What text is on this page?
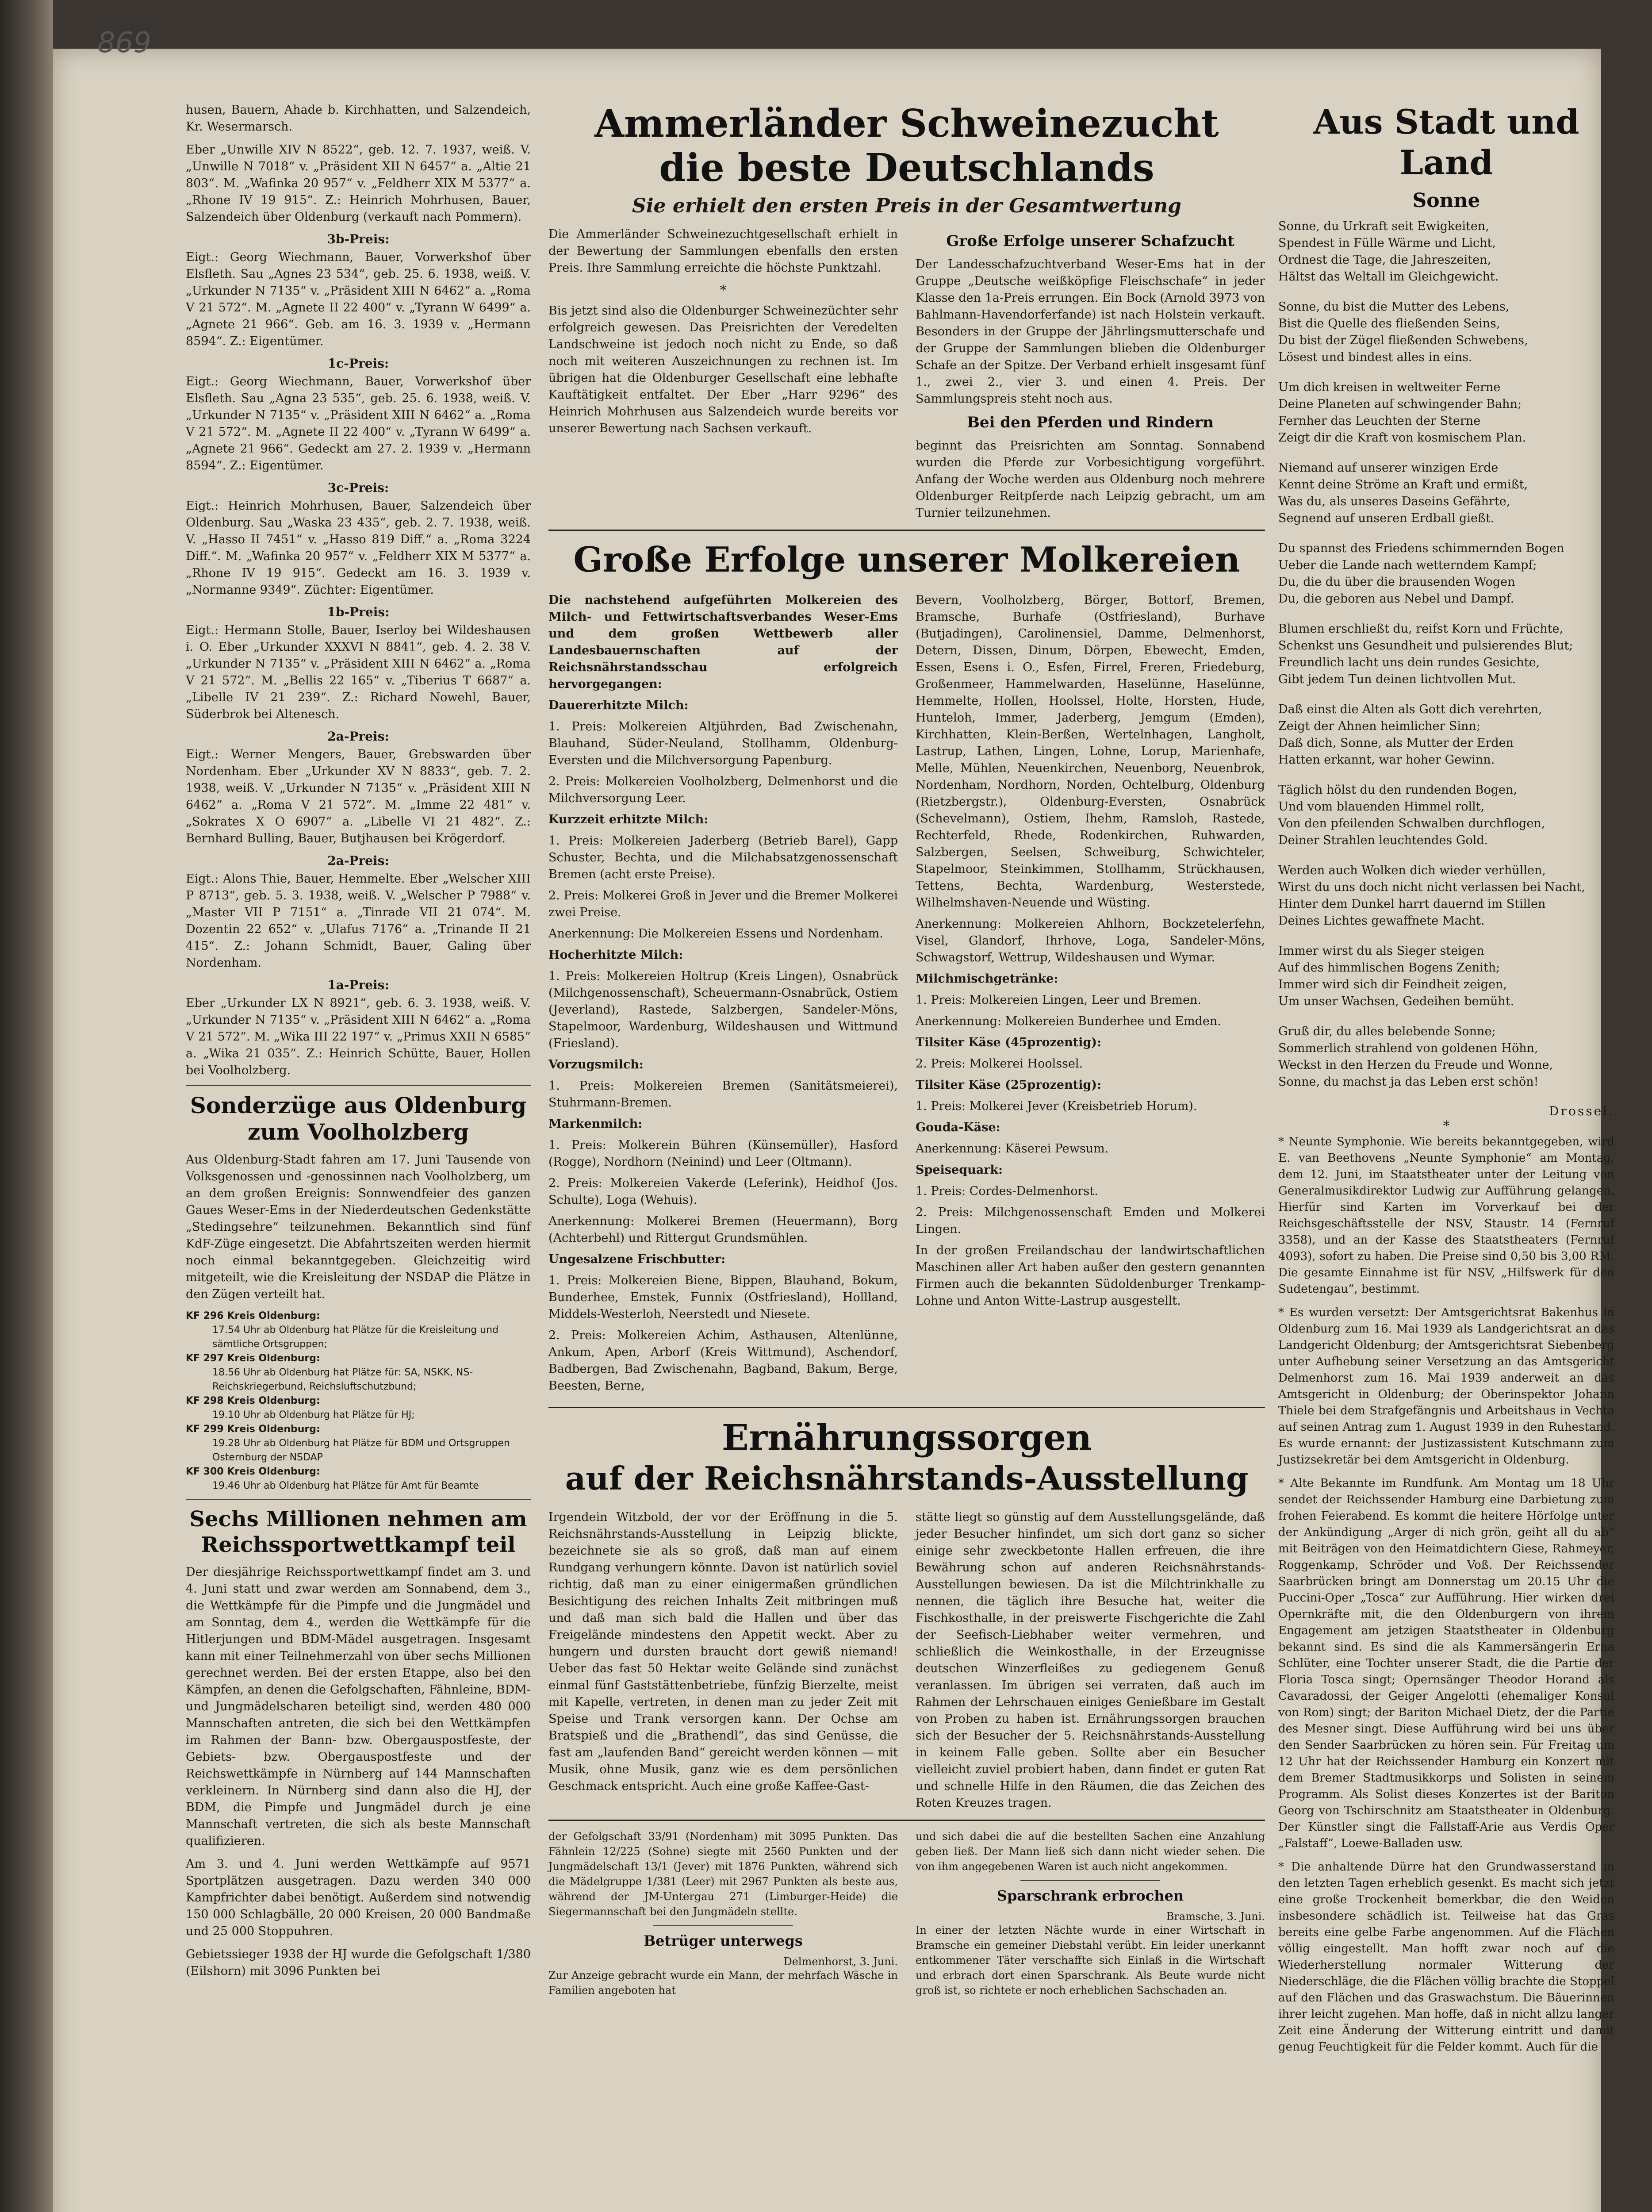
869

husen, Bauern, Ahade b. Kirchhatten, und Salzendeich, Kr. Wesermarsch.

Eber „Unwille XIV N 8522“, geb. 12. 7. 1937, weiß. V. „Unwille N 7018“ v. „Präsident XII N 6457“ a. „Altie 21 803“. M. „Wafinka 20 957“ v. „Feldherr XIX M 5377“ a. „Rhone IV 19 915“. Z.: Heinrich Mohrhusen, Bauer, Salzendeich über Oldenburg (verkauft nach Pommern).

3b-Preis:

Eigt.: Georg Wiechmann, Bauer, Vorwerkshof über Elsfleth. Sau „Agnes 23 534“, geb. 25. 6. 1938, weiß. V. „Urkunder N 7135“ v. „Präsident XIII N 6462“ a. „Roma V 21 572“. M. „Agnete II 22 400“ v. „Tyrann W 6499“ a. „Agnete 21 966“. Geb. am 16. 3. 1939 v. „Hermann 8594“. Z.: Eigentümer.

1c-Preis:

Eigt.: Georg Wiechmann, Bauer, Vorwerkshof über Elsfleth. Sau „Agna 23 535“, geb. 25. 6. 1938, weiß. V. „Urkunder N 7135“ v. „Präsident XIII N 6462“ a. „Roma V 21 572“. M. „Agnete II 22 400“ v. „Tyrann W 6499“ a. „Agnete 21 966“. Gedeckt am 27. 2. 1939 v. „Hermann 8594“. Z.: Eigentümer.

3c-Preis:

Eigt.: Heinrich Mohrhusen, Bauer, Salzendeich über Oldenburg. Sau „Waska 23 435“, geb. 2. 7. 1938, weiß. V. „Hasso II 7451“ v. „Hasso 819 Diff.“ a. „Roma 3224 Diff.“. M. „Wafinka 20 957“ v. „Feldherr XIX M 5377“ a. „Rhone IV 19 915“. Gedeckt am 16. 3. 1939 v. „Normanne 9349“. Züchter: Eigentümer.

1b-Preis:

Eigt.: Hermann Stolle, Bauer, Iserloy bei Wildeshausen i. O. Eber „Urkunder XXXVI N 8841“, geb. 4. 2. 38 V. „Urkunder N 7135“ v. „Präsident XIII N 6462“ a. „Roma V 21 572“. M. „Bellis 22 165“ v. „Tiberius T 6687“ a. „Libelle IV 21 239“. Z.: Richard Nowehl, Bauer, Süderbrok bei Altenesch.

2a-Preis:

Eigt.: Werner Mengers, Bauer, Grebswarden über Nordenham. Eber „Urkunder XV N 8833“, geb. 7. 2. 1938, weiß. V. „Urkunder N 7135“ v. „Präsident XIII N 6462“ a. „Roma V 21 572“. M. „Imme 22 481“ v. „Sokrates X O 6907“ a. „Libelle VI 21 482“. Z.: Bernhard Bulling, Bauer, Butjhausen bei Krögerdorf.

2a-Preis:

Eigt.: Alons Thie, Bauer, Hemmelte. Eber „Welscher XIII P 8713“, geb. 5. 3. 1938, weiß. V. „Welscher P 7988“ v. „Master VII P 7151“ a. „Tinrade VII 21 074“. M. Dozentin 22 652“ v. „Ulafus 7176“ a. „Trinande II 21 415“. Z.: Johann Schmidt, Bauer, Galing über Nordenham.

1a-Preis:

Eber „Urkunder LX N 8921“, geb. 6. 3. 1938, weiß. V. „Urkunder N 7135“ v. „Präsident XIII N 6462“ a. „Roma V 21 572“. M. „Wika III 22 197“ v. „Primus XXII N 6585“ a. „Wika 21 035“. Z.: Heinrich Schütte, Bauer, Hollen bei Voolholzberg.

Sonderzüge aus Oldenburg zum Voolholzberg

Aus Oldenburg-Stadt fahren am 17. Juni Tausende von Volksgenossen und -genossinnen nach Voolholzberg, um an dem großen Ereignis: Sonnwendfeier des ganzen Gaues Weser-Ems in der Niederdeutschen Gedenkstätte „Stedingsehre“ teilzunehmen. Bekanntlich sind fünf KdF-Züge eingesetzt. Die Abfahrtszeiten werden hiermit noch einmal bekanntgegeben. Gleichzeitig wird mitgeteilt, wie die Kreisleitung der NSDAP die Plätze in den Zügen verteilt hat.

KF 296 Kreis Oldenburg:
17.54 Uhr ab Oldenburg hat Plätze für die Kreisleitung und sämtliche Ortsgruppen;
KF 297 Kreis Oldenburg:
18.56 Uhr ab Oldenburg hat Plätze für: SA, NSKK, NS-Reichskriegerbund, Reichsluftschutzbund;
KF 298 Kreis Oldenburg:
19.10 Uhr ab Oldenburg hat Plätze für HJ;
KF 299 Kreis Oldenburg:
19.28 Uhr ab Oldenburg hat Plätze für BDM und Ortsgruppen Osternburg der NSDAP
KF 300 Kreis Oldenburg:
19.46 Uhr ab Oldenburg hat Plätze für Amt für Beamte
Sechs Millionen nehmen am Reichssportwettkampf teil

Der diesjährige Reichssportwettkampf findet am 3. und 4. Juni statt und zwar werden am Sonnabend, dem 3., die Wettkämpfe für die Pimpfe und die Jungmädel und am Sonntag, dem 4., werden die Wettkämpfe für die Hitlerjungen und BDM-Mädel ausgetragen. Insgesamt kann mit einer Teilnehmerzahl von über sechs Millionen gerechnet werden. Bei der ersten Etappe, also bei den Kämpfen, an denen die Gefolgschaften, Fähnleine, BDM- und Jungmädelscharen beteiligt sind, werden 480 000 Mannschaften antreten, die sich bei den Wettkämpfen im Rahmen der Bann- bzw. Obergauspostfeste, der Gebiets- bzw. Obergauspostfeste und der Reichswettkämpfe in Nürnberg auf 144 Mannschaften verkleinern. In Nürnberg sind dann also die HJ, der BDM, die Pimpfe und Jungmädel durch je eine Mannschaft vertreten, die sich als beste Mannschaft qualifizieren.

Am 3. und 4. Juni werden Wettkämpfe auf 9571 Sportplätzen ausgetragen. Dazu werden 340 000 Kampfrichter dabei benötigt. Außerdem sind notwendig 150 000 Schlagbälle, 20 000 Kreisen, 20 000 Bandmaße und 25 000 Stoppuhren.

Gebietssieger 1938 der HJ wurde die Gefolgschaft 1/380 (Eilshorn) mit 3096 Punkten bei

Ammerländer Schweinezucht
die beste Deutschlands
Sie erhielt den ersten Preis in der Gesamtwertung

Die Ammerländer Schweinezuchtgesellschaft erhielt in der Bewertung der Sammlungen ebenfalls den ersten Preis. Ihre Sammlung erreichte die höchste Punktzahl.

*

Bis jetzt sind also die Oldenburger Schweinezüchter sehr erfolgreich gewesen. Das Preisrichten der Veredelten Landschweine ist jedoch noch nicht zu Ende, so daß noch mit weiteren Auszeichnungen zu rechnen ist. Im übrigen hat die Oldenburger Gesellschaft eine lebhafte Kauftätigkeit entfaltet. Der Eber „Harr 9296“ des Heinrich Mohrhusen aus Salzendeich wurde bereits vor unserer Bewertung nach Sachsen verkauft.

Große Erfolge unserer Schafzucht

Der Landesschafzuchtverband Weser-Ems hat in der Gruppe „Deutsche weißköpfige Fleischschafe“ in jeder Klasse den 1a-Preis errungen. Ein Bock (Arnold 3973 von Bahlmann-Havendorferfande) ist nach Holstein verkauft. Besonders in der Gruppe der Jährlingsmutterschafe und der Gruppe der Sammlungen blieben die Oldenburger Schafe an der Spitze. Der Verband erhielt insgesamt fünf 1., zwei 2., vier 3. und einen 4. Preis. Der Sammlungspreis steht noch aus.

Bei den Pferden und Rindern

beginnt das Preisrichten am Sonntag. Sonnabend wurden die Pferde zur Vorbesichtigung vorgeführt. Anfang der Woche werden aus Oldenburg noch mehrere Oldenburger Reitpferde nach Leipzig gebracht, um am Turnier teilzunehmen.

Große Erfolge unserer Molkereien

Die nachstehend aufgeführten Molkereien des Milch- und Fettwirtschaftsverbandes Weser-Ems und dem großen Wettbewerb aller Landesbauernschaften auf der Reichsnährstandsschau erfolgreich hervorgegangen:

Dauererhitzte Milch:

1. Preis: Molkereien Altjührden, Bad Zwischenahn, Blauhand, Süder-Neuland, Stollhamm, Oldenburg-Eversten und die Milchversorgung Papenburg.

2. Preis: Molkereien Voolholzberg, Delmenhorst und die Milchversorgung Leer.

Kurzzeit erhitzte Milch:

1. Preis: Molkereien Jaderberg (Betrieb Barel), Gapp Schuster, Bechta, und die Milchabsatzgenossenschaft Bremen (acht erste Preise).

2. Preis: Molkerei Groß in Jever und die Bremer Molkerei zwei Preise.

Anerkennung: Die Molkereien Essens und Nordenham.

Hocherhitzte Milch:

1. Preis: Molkereien Holtrup (Kreis Lingen), Osnabrück (Milchgenossenschaft), Scheuermann-Osnabrück, Ostiem (Jeverland), Rastede, Salzbergen, Sandeler-Möns, Stapelmoor, Wardenburg, Wildeshausen und Wittmund (Friesland).

Vorzugsmilch:

1. Preis: Molkereien Bremen (Sanitätsmeierei), Stuhrmann-Bremen.

Markenmilch:

1. Preis: Molkerein Bühren (Künsemüller), Hasford (Rogge), Nordhorn (Neinind) und Leer (Oltmann).

2. Preis: Molkereien Vakerde (Leferink), Heidhof (Jos. Schulte), Loga (Wehuis).

Anerkennung: Molkerei Bremen (Heuermann), Borg (Achterbehl) und Rittergut Grundsmühlen.

Ungesalzene Frischbutter:

1. Preis: Molkereien Biene, Bippen, Blauhand, Bokum, Bunderhee, Emstek, Funnix (Ostfriesland), Hollland, Middels-Westerloh, Neerstedt und Niesete.

2. Preis: Molkereien Achim, Asthausen, Altenlünne, Ankum, Apen, Arborf (Kreis Wittmund), Aschendorf, Badbergen, Bad Zwischenahn, Bagband, Bakum, Berge, Beesten, Berne,

Bevern, Voolholzberg, Börger, Bottorf, Bremen, Bramsche, Burhafe (Ostfriesland), Burhave (Butjadingen), Carolinensiel, Damme, Delmenhorst, Detern, Dissen, Dinum, Dörpen, Ebewecht, Emden, Essen, Esens i. O., Esfen, Firrel, Freren, Friedeburg, Großenmeer, Hammelwarden, Haselünne, Haselünne, Hemmelte, Hollen, Hoolssel, Holte, Horsten, Hude, Hunteloh, Immer, Jaderberg, Jemgum (Emden), Kirchhatten, Klein-Berßen, Wertelnhagen, Langholt, Lastrup, Lathen, Lingen, Lohne, Lorup, Marienhafe, Melle, Mühlen, Neuenkirchen, Neuenborg, Neuenbrok, Nordenham, Nordhorn, Norden, Ochtelburg, Oldenburg (Rietzbergstr.), Oldenburg-Eversten, Osnabrück (Schevelmann), Ostiem, Ihehm, Ramsloh, Rastede, Rechterfeld, Rhede, Rodenkirchen, Ruhwarden, Salzbergen, Seelsen, Schweiburg, Schwichteler, Stapelmoor, Steinkimmen, Stollhamm, Strückhausen, Tettens, Bechta, Wardenburg, Westerstede, Wilhelmshaven-Neuende und Wüsting.

Anerkennung: Molkereien Ahlhorn, Bockzetelerfehn, Visel, Glandorf, Ihrhove, Loga, Sandeler-Möns, Schwagstorf, Wettrup, Wildeshausen und Wymar.

Milchmischgetränke:

1. Preis: Molkereien Lingen, Leer und Bremen.

Anerkennung: Molkereien Bunderhee und Emden.

Tilsiter Käse (45prozentig):

2. Preis: Molkerei Hoolssel.

Tilsiter Käse (25prozentig):

1. Preis: Molkerei Jever (Kreisbetrieb Horum).

Gouda-Käse:

Anerkennung: Käserei Pewsum.

Speisequark:

1. Preis: Cordes-Delmenhorst.

2. Preis: Milchgenossenschaft Emden und Molkerei Lingen.

In der großen Freilandschau der landwirtschaftlichen Maschinen aller Art haben außer den gestern genannten Firmen auch die bekannten Südoldenburger Trenkamp-Lohne und Anton Witte-Lastrup ausgestellt.

Ernährungssorgen
auf der Reichsnährstands-Ausstellung

Irgendein Witzbold, der vor der Eröffnung in die 5. Reichsnährstands-Ausstellung in Leipzig blickte, bezeichnete sie als so groß, daß man auf einem Rundgang verhungern könnte. Davon ist natürlich soviel richtig, daß man zu einer einigermaßen gründlichen Besichtigung des reichen Inhalts Zeit mitbringen muß und daß man sich bald die Hallen und über das Freigelände mindestens den Appetit weckt. Aber zu hungern und dursten braucht dort gewiß niemand! Ueber das fast 50 Hektar weite Gelände sind zunächst einmal fünf Gaststättenbetriebe, fünfzig Bierzelte, meist mit Kapelle, vertreten, in denen man zu jeder Zeit mit Speise und Trank versorgen kann. Der Ochse am Bratspieß und die „Brathendl“, das sind Genüsse, die fast am „laufenden Band“ gereicht werden können — mit Musik, ohne Musik, ganz wie es dem persönlichen Geschmack entspricht. Auch eine große Kaffee-Gast-

stätte liegt so günstig auf dem Ausstellungsgelände, daß jeder Besucher hinfindet, um sich dort ganz so sicher einige sehr zweckbetonte Hallen erfreuen, die ihre Bewährung schon auf anderen Reichsnährstands-Ausstellungen bewiesen. Da ist die Milchtrinkhalle zu nennen, die täglich ihre Besuche hat, weiter die Fischkosthalle, in der preiswerte Fischgerichte die Zahl der Seefisch-Liebhaber weiter vermehren, und schließlich die Weinkosthalle, in der Erzeugnisse deutschen Winzerfleißes zu gediegenem Genuß veranlassen. Im übrigen sei verraten, daß auch im Rahmen der Lehrschauen einiges Genießbare im Gestalt von Proben zu haben ist. Ernährungssorgen brauchen sich der Besucher der 5. Reichsnährstands-Ausstellung in keinem Falle geben. Sollte aber ein Besucher vielleicht zuviel probiert haben, dann findet er guten Rat und schnelle Hilfe in den Räumen, die das Zeichen des Roten Kreuzes tragen.

der Gefolgschaft 33/91 (Nordenham) mit 3095 Punkten. Das Fähnlein 12/225 (Sohne) siegte mit 2560 Punkten und der Jungmädelschaft 13/1 (Jever) mit 1876 Punkten, während sich die Mädelgruppe 1/381 (Leer) mit 2967 Punkten als beste aus, während der JM-Untergau 271 (Limburger-Heide) die Siegermannschaft bei den Jungmädeln stellte.

Betrüger unterwegs
Delmenhorst, 3. Juni.

Zur Anzeige gebracht wurde ein Mann, der mehrfach Wäsche in Familien angeboten hat

und sich dabei die auf die bestellten Sachen eine Anzahlung geben ließ. Der Mann ließ sich dann nicht wieder sehen. Die von ihm angegebenen Waren ist auch nicht angekommen.

Sparschrank erbrochen
Bramsche, 3. Juni.

In einer der letzten Nächte wurde in einer Wirtschaft in Bramsche ein gemeiner Diebstahl verübt. Ein leider unerkannt entkommener Täter verschaffte sich Einlaß in die Wirtschaft und erbrach dort einen Sparschrank. Als Beute wurde nicht groß ist, so richtete er noch erheblichen Sachschaden an.

Aus Stadt und Land
Sonne

Sonne, du Urkraft seit Ewigkeiten,

Spendest in Fülle Wärme und Licht,

Ordnest die Tage, die Jahreszeiten,

Hältst das Weltall im Gleichgewicht.

Sonne, du bist die Mutter des Lebens,

Bist die Quelle des fließenden Seins,

Du bist der Zügel fließenden Schwebens,

Lösest und bindest alles in eins.

Um dich kreisen in weltweiter Ferne

Deine Planeten auf schwingender Bahn;

Fernher das Leuchten der Sterne

Zeigt dir die Kraft von kosmischem Plan.

Niemand auf unserer winzigen Erde

Kennt deine Ströme an Kraft und ermißt,

Was du, als unseres Daseins Gefährte,

Segnend auf unseren Erdball gießt.

Du spannst des Friedens schimmernden Bogen

Ueber die Lande nach wetterndem Kampf;

Du, die du über die brausenden Wogen

Du, die geboren aus Nebel und Dampf.

Blumen erschließt du, reifst Korn und Früchte,

Schenkst uns Gesundheit und pulsierendes Blut;

Freundlich lacht uns dein rundes Gesichte,

Gibt jedem Tun deinen lichtvollen Mut.

Daß einst die Alten als Gott dich verehrten,

Zeigt der Ahnen heimlicher Sinn;

Daß dich, Sonne, als Mutter der Erden

Hatten erkannt, war hoher Gewinn.

Täglich hölst du den rundenden Bogen,

Und vom blauenden Himmel rollt,

Von den pfeilenden Schwalben durchflogen,

Deiner Strahlen leuchtendes Gold.

Werden auch Wolken dich wieder verhüllen,

Wirst du uns doch nicht nicht verlassen bei Nacht,

Hinter dem Dunkel harrt dauernd im Stillen

Deines Lichtes gewaffnete Macht.

Immer wirst du als Sieger steigen

Auf des himmlischen Bogens Zenith;

Immer wird sich dir Feindheit zeigen,

Um unser Wachsen, Gedeihen bemüht.

Gruß dir, du alles belebende Sonne;

Sommerlich strahlend von goldenen Höhn,

Weckst in den Herzen du Freude und Wonne,

Sonne, du machst ja das Leben erst schön!

Drossel.
*

* Neunte Symphonie. Wie bereits bekanntgegeben, wird E. van Beethovens „Neunte Symphonie“ am Montag, dem 12. Juni, im Staatstheater unter der Leitung von Generalmusikdirektor Ludwig zur Aufführung gelangen. Hierfür sind Karten im Vorverkauf bei der Reichsgeschäftsstelle der NSV, Staustr. 14 (Fernruf 3358), und an der Kasse des Staatstheaters (Fernruf 4093), sofort zu haben. Die Preise sind 0,50 bis 3,00 RM. Die gesamte Einnahme ist für NSV, „Hilfswerk für den Sudetengau“, bestimmt.

* Es wurden versetzt: Der Amtsgerichtsrat Bakenhus in Oldenburg zum 16. Mai 1939 als Landgerichtsrat an das Landgericht Oldenburg; der Amtsgerichtsrat Siebenberg unter Aufhebung seiner Versetzung an das Amtsgericht Delmenhorst zum 16. Mai 1939 anderweit an das Amtsgericht in Oldenburg; der Oberinspektor Johann Thiele bei dem Strafgefängnis und Arbeitshaus in Vechta auf seinen Antrag zum 1. August 1939 in den Ruhestand. Es wurde ernannt: der Justizassistent Kutschmann zum Justizsekretär bei dem Amtsgericht in Oldenburg.

* Alte Bekannte im Rundfunk. Am Montag um 18 Uhr sendet der Reichssender Hamburg eine Darbietung zum frohen Feierabend. Es kommt die heitere Hörfolge unter der Ankündigung „Arger di nich grön, geiht all du ab“ mit Beiträgen von den Heimatdichtern Giese, Rahmeyer, Roggenkamp, Schröder und Voß. Der Reichssender Saarbrücken bringt am Donnerstag um 20.15 Uhr die Puccini-Oper „Tosca“ zur Aufführung. Hier wirken drei Opernkräfte mit, die den Oldenburgern von ihrem Engagement am jetzigen Staatstheater in Oldenburg bekannt sind. Es sind die als Kammersängerin Erna Schlüter, eine Tochter unserer Stadt, die die Partie der Floria Tosca singt; Opernsänger Theodor Horand als Cavaradossi, der Geiger Angelotti (ehemaliger Konsul von Rom) singt; der Bariton Michael Dietz, der die Partie des Mesner singt. Diese Aufführung wird bei uns über den Sender Saarbrücken zu hören sein. Für Freitag um 12 Uhr hat der Reichssender Hamburg ein Konzert mit dem Bremer Stadtmusikkorps und Solisten in seinem Programm. Als Solist dieses Konzertes ist der Bariton Georg von Tschirschnitz am Staatstheater in Oldenburg. Der Künstler singt die Fallstaff-Arie aus Verdis Oper „Falstaff“, Loewe-Balladen usw.

* Die anhaltende Dürre hat den Grundwasserstand in den letzten Tagen erheblich gesenkt. Es macht sich jetzt eine große Trockenheit bemerkbar, die den Weiden insbesondere schädlich ist. Teilweise hat das Gras bereits eine gelbe Farbe angenommen. Auf die Flächen völlig eingestellt. Man hofft zwar noch auf die Wiederherstellung normaler Witterung der Niederschläge, die die Flächen völlig brachte die Stoppel auf den Flächen und das Graswachstum. Die Bäuerinnen ihrer leicht zugehen. Man hoffe, daß in nicht allzu langer Zeit eine Änderung der Witterung eintritt und damit genug Feuchtigkeit für die Felder kommt. Auch für die
